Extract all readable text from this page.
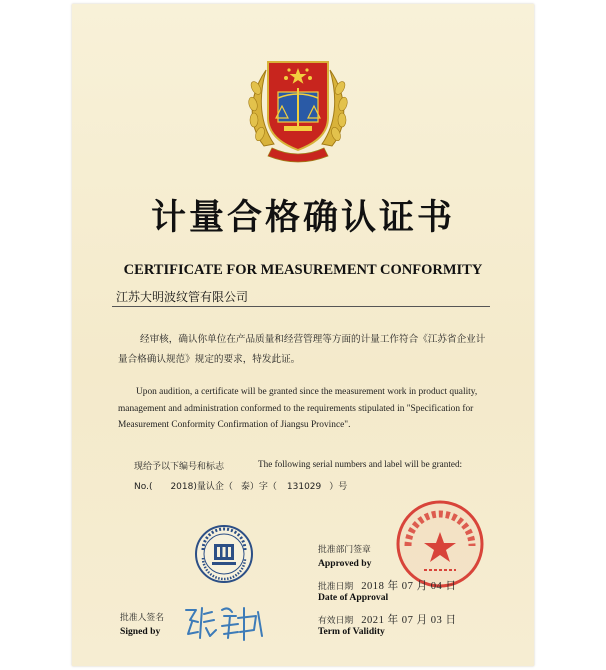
计量合格确认证书
CERTIFICATE FOR MEASUREMENT CONFORMITY
江苏大明波纹管有限公司
经审核，确认你单位在产品质量和经营管理等方面的计量工作符合《江苏省企业计量合格确认规范》规定的要求，特发此证。
Upon audition, a certificate will be granted since the measurement work in product quality, management and administration conformed to the requirements stipulated in "Specification for Measurement Conformity Confirmation of Jiangsu Province".
现给予以下编号和标志	The following serial numbers and label will be granted:
No.( 2018)量认企（ 泰）字（ 131029 ）号
批准部门签章
Approved by
批准日期 2018 年 07 月 04 日
Date of Approval
有效日期 2021 年 07 月 03 日
Term of Validity
批准人签名
Signed by
